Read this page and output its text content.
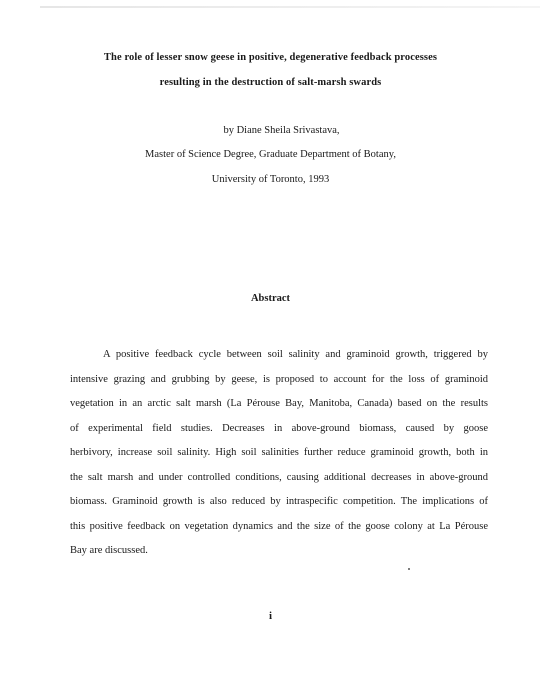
The role of lesser snow geese in positive, degenerative feedback processes
resulting in the destruction of salt-marsh swards
by Diane Sheila Srivastava,
Master of Science Degree, Graduate Department of Botany,
University of Toronto, 1993
Abstract
A positive feedback cycle between soil salinity and graminoid growth, triggered by
intensive grazing and grubbing by geese, is proposed to account for the loss of graminoid
vegetation in an arctic salt marsh (La Pérouse Bay, Manitoba, Canada) based on the results
of experimental field studies. Decreases in above-ground biomass, caused by goose
herbivory, increase soil salinity. High soil salinities further reduce graminoid growth, both in
the salt marsh and under controlled conditions, causing additional decreases in above-ground
biomass. Graminoid growth is also reduced by intraspecific competition. The implications of
this positive feedback on vegetation dynamics and the size of the goose colony at La Pérouse
Bay are discussed.
i
